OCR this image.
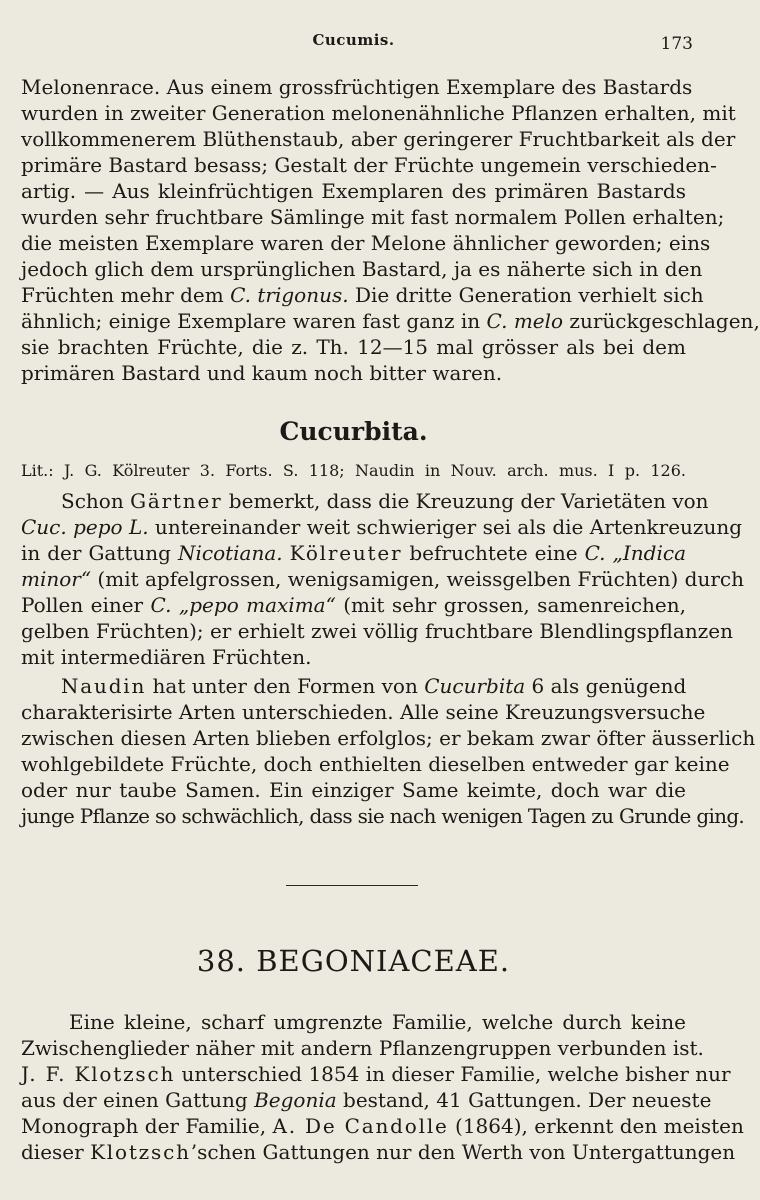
Cucumis.	173
Melonenrace. Aus einem grossfrüchtigen Exemplare des Bastards
wurden in zweiter Generation melonenähnliche Pflanzen erhalten, mit
vollkommenerem Blüthenstaub, aber geringerer Fruchtbarkeit als der
primäre Bastard besass; Gestalt der Früchte ungemein verschieden-
artig. — Aus kleinfrüchtigen Exemplaren des primären Bastards
wurden sehr fruchtbare Sämlinge mit fast normalem Pollen erhalten;
die meisten Exemplare waren der Melone ähnlicher geworden; eins
jedoch glich dem ursprünglichen Bastard, ja es näherte sich in den
Früchten mehr dem C. trigonus. Die dritte Generation verhielt sich
ähnlich; einige Exemplare waren fast ganz in C. melo zurückgeschlagen,
sie brachten Früchte, die z. Th. 12—15 mal grösser als bei dem
primären Bastard und kaum noch bitter waren.
Cucurbita.
Lit.: J. G. Kölreuter 3. Forts. S. 118; Naudin in Nouv. arch. mus. I p. 126.
Schon Gärtner bemerkt, dass die Kreuzung der Varietäten von
Cuc. pepo L. untereinander weit schwieriger sei als die Artenkreuzung
in der Gattung Nicotiana. Kölreuter befruchtete eine C. „Indica
minor“ (mit apfelgrossen, wenigsamigen, weissgelben Früchten) durch
Pollen einer C. „pepo maxima“ (mit sehr grossen, samenreichen,
gelben Früchten); er erhielt zwei völlig fruchtbare Blendlingspflanzen
mit intermediären Früchten.
Naudin hat unter den Formen von Cucurbita 6 als genügend
charakterisirte Arten unterschieden. Alle seine Kreuzungsversuche
zwischen diesen Arten blieben erfolglos; er bekam zwar öfter äusserlich
wohlgebildete Früchte, doch enthielten dieselben entweder gar keine
oder nur taube Samen. Ein einziger Same keimte, doch war die
junge Pflanze so schwächlich, dass sie nach wenigen Tagen zu Grunde ging.
38. BEGONIACEAE.
Eine kleine, scharf umgrenzte Familie, welche durch keine
Zwischenglieder näher mit andern Pflanzengruppen verbunden ist.
J. F. Klotzsch unterschied 1854 in dieser Familie, welche bisher nur
aus der einen Gattung Begonia bestand, 41 Gattungen. Der neueste
Monograph der Familie, A. De Candolle (1864), erkennt den meisten
dieser Klotzsch’schen Gattungen nur den Werth von Untergattungen
